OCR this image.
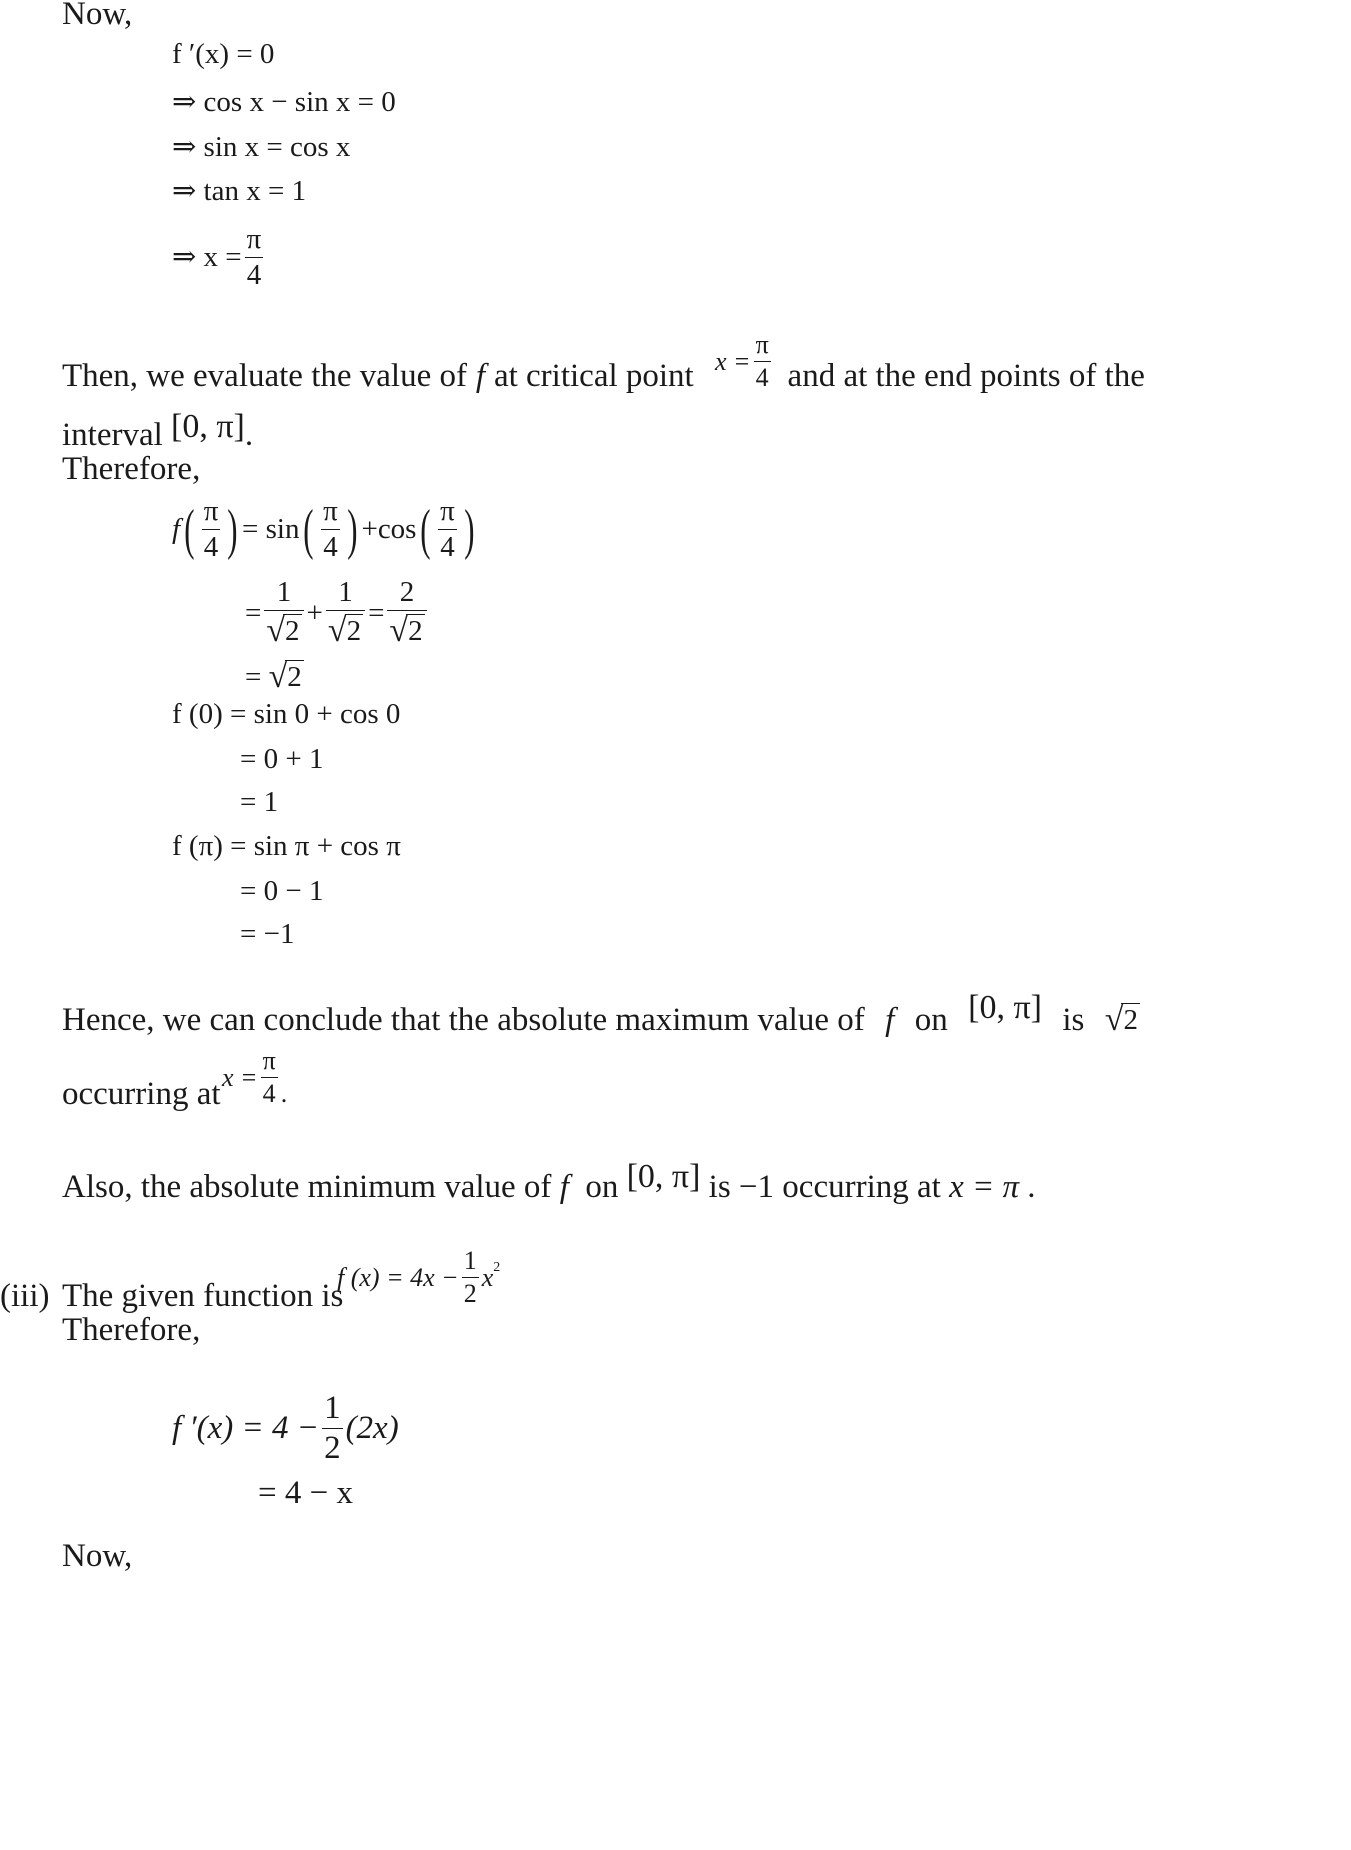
Now,
f ′(x) = 0
⇒ cos x − sin x = 0
⇒ sin x = cos x
⇒ tan x = 1
⇒ $x = \frac{\pi}{4}$
Then, we evaluate the value of f at critical point	and at the end points of the
$x = \frac{\pi}{4}$
interval [0, π].
Therefore,
f ( $\frac{\pi}{4}$ ) =
sin ( $\frac{\pi}{4}$ ) + cos ( $\frac{\pi}{4}$ )
= $\frac{1}{√ 2} + \frac{1}{√ 2} = \frac{2}{√ 2}$
=
√ 2
f (0) = sin 0 + cos 0
= 0 + 1
= 1
f (π) = sin π + cos π
= 0 − 1
= −1
Hence, we can conclude that the absolute maximum value of f on [0, π] is √ 2
occurring at $x = \frac{\pi}{4}$ .
Also, the absolute minimum value of f on [0, π] is −1 occurring at x = π .
(iii) The given function is
f $(x) = 4x - \frac{1}{2} x^2$
Therefore,
f $'(x) = 4 - \frac{1}{2} (2x)$
= 4 − x
Now,
